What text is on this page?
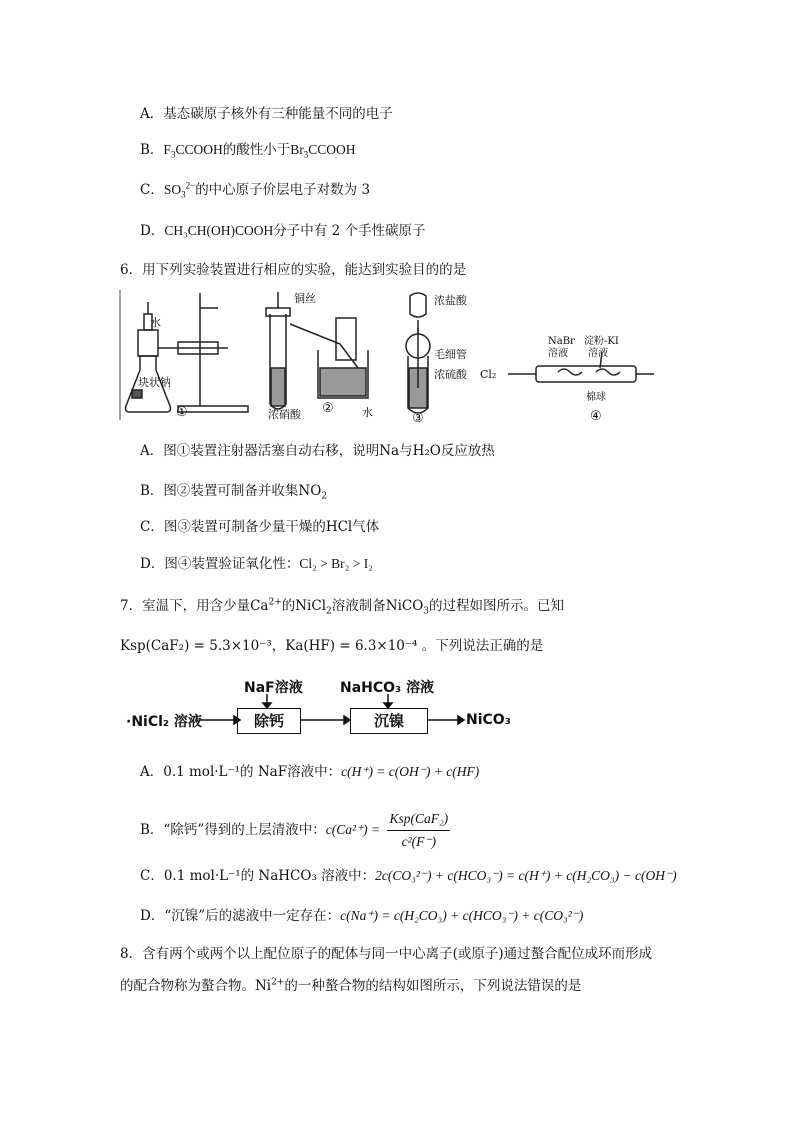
A．基态碳原子核外有三种能量不同的电子
B．$F_3CCOOH$的酸性小于$Br_3CCOOH$
C．$SO_3^{2-}$的中心原子价层电子对数为 3
D．CH₃CH(OH)COOH分子中有 2 个手性碳原子
6．用下列实验装置进行相应的实验，能达到实验目的的是
水
块状钠
①
铜丝
浓硝酸	水
②
浓盐酸
毛细管
浓硫酸
③
Cl₂
NaBr
溶液
淀粉-KI
溶液
棉球
④
A．图①装置注射器活塞自动右移，说明Na与H₂O反应放热
B．图②装置可制备并收集$NO_2$
C．图③装置可制备少量干燥的HCl气体
D．图④装置验证氧化性：Cl₂ > Br₂ > I₂
7．室温下，用含少量$Ca^{2+}$的NiCl$_2$溶液制备NiCO$_3$的过程如图所示。已知
Ksp(CaF₂) = 5.3×10⁻³，Ka(HF) = 6.3×10⁻⁴ 。下列说法正确的是
NaF溶液	NaHCO₃ 溶液
·NiCl₂ 溶液	除钙	沉镍	NiCO₃
A．0.1 mol·L⁻¹的 NaF溶液中：c(H⁺) = c(OH⁻) + c(HF)
B．“除钙”得到的上层清液中：$c(Ca^{2+}) = \frac{\text{Ksp(CaF₂)}}{\text{c²(F⁻)}}$
C．0.1 mol·L⁻¹的 NaHCO₃ 溶液中：2c(CO₃²⁻) + c(HCO₃⁻) = c(H⁺) + c(H₂CO₃) − c(OH⁻)
D．“沉镍”后的滤液中一定存在：c(Na⁺) = c(H₂CO₃) + c(HCO₃⁻) + c(CO₃²⁻)
8．含有两个或两个以上配位原子的配体与同一中心离子(或原子)通过螯合配位成环而形成
的配合物称为螯合物。$Ni^{2+}$的一种螯合物的结构如图所示，下列说法错误的是
